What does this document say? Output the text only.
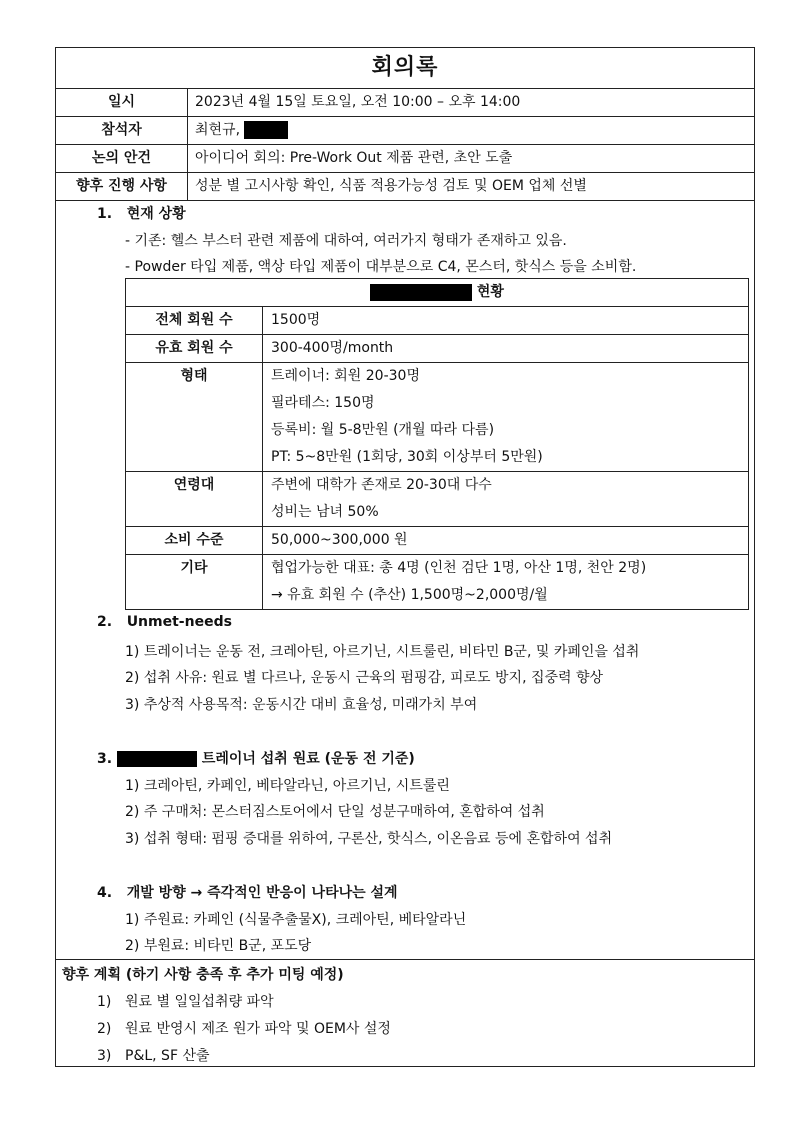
회의록
일시	2023년 4월 15일 토요일, 오전 10:00 – 오후 14:00
참석자	최현규,
논의 안건	아이디어 회의: Pre-Work Out 제품 관련, 초안 도출
향후 진행 사항	성분 별 고시사항 확인, 식품 적용가능성 검토 및 OEM 업체 선별
1. 현재 상황
- 기존: 헬스 부스터 관련 제품에 대하여, 여러가지 형태가 존재하고 있음.
- Powder 타입 제품, 액상 타입 제품이 대부분으로 C4, 몬스터, 핫식스 등을 소비함.
현황	

전체 회원 수	1500명

유효 회원 수	300-400명/month

형태	트레이너: 회원 20-30명
필라테스: 150명
등록비: 월 5-8만원 (개월 따라 다름)
PT: 5~8만원 (1회당, 30회 이상부터 5만원)

연령대	주변에 대학가 존재로 20-30대 다수
성비는 남녀 50%

소비 수준	50,000~300,000 원

기타	협업가능한 대표: 총 4명 (인천 검단 1명, 아산 1명, 천안 2명)
→ 유효 회원 수 (추산) 1,500명~2,000명/월
2. Unmet-needs
1) 트레이너는 운동 전, 크레아틴, 아르기닌, 시트룰린, 비타민 B군, 및 카페인을 섭취
2) 섭취 사유: 원료 별 다르나, 운동시 근육의 펌핑감, 피로도 방지, 집중력 향상
3) 추상적 사용목적: 운동시간 대비 효율성, 미래가치 부여
3.	트레이너 섭취 원료 (운동 전 기준)
1) 크레아틴, 카페인, 베타알라닌, 아르기닌, 시트룰린
2) 주 구매처: 몬스터짐스토어에서 단일 성분구매하여, 혼합하여 섭취
3) 섭취 형태: 펌핑 증대를 위하여, 구론산, 핫식스, 이온음료 등에 혼합하여 섭취
4. 개발 방향 → 즉각적인 반응이 나타나는 설계
1) 주원료: 카페인 (식물추출물X), 크레아틴, 베타알라닌
2) 부원료: 비타민 B군, 포도당
향후 계획 (하기 사항 충족 후 추가 미팅 예정)
1) 원료 별 일일섭취량 파악
2) 원료 반영시 제조 원가 파악 및 OEM사 설정
3) P&L, SF 산출
